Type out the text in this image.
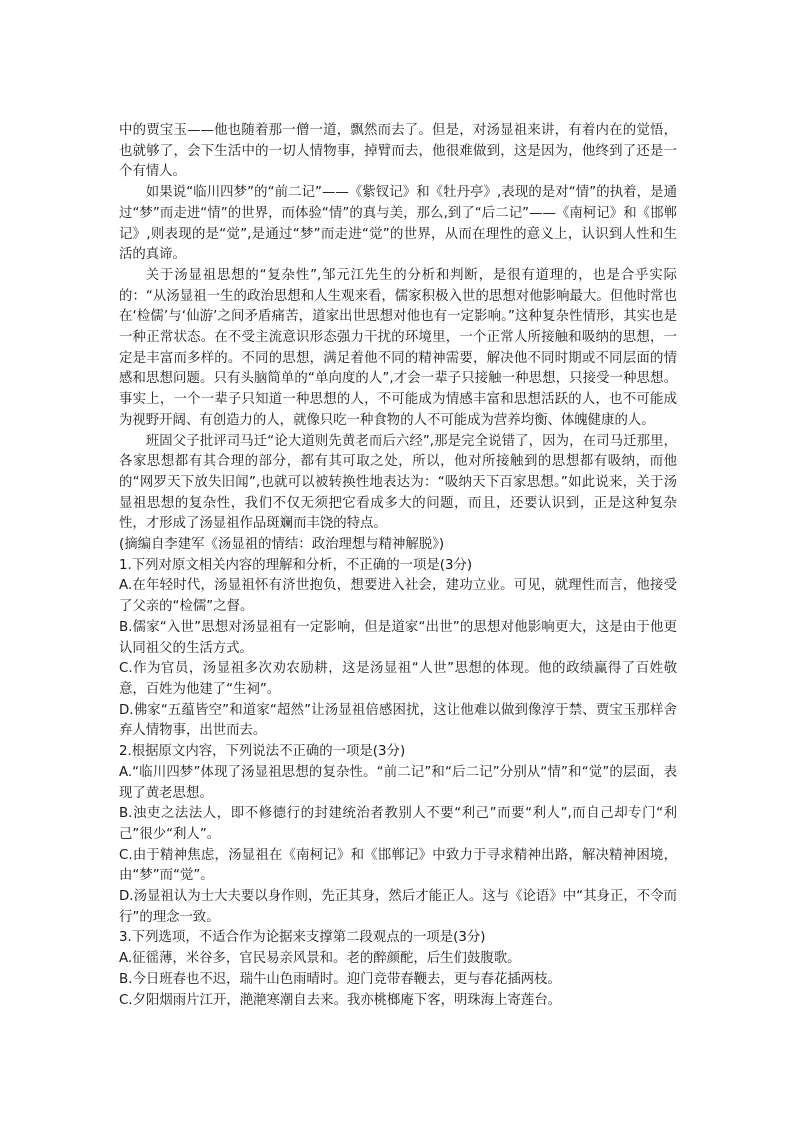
中的贾宝玉——他也随着那一僧一道，飘然而去了。但是，对汤显祖来讲，有着内在的觉悟，也就够了，会下生活中的一切人情物事，掉臂而去，他很难做到，这是因为，他终到了还是一个有情人。

如果说“临川四梦”的“前二记”——《紫钗记》和《牡丹亭》,表现的是对“情”的执着，是通过“梦”而走进“情”的世界，而体验“情”的真与美，那么,到了“后二记”——《南柯记》和《邯郸记》,则表现的是“觉”,是通过“梦”而走进“觉”的世界，从而在理性的意义上，认识到人性和生活的真谛。

关于汤显祖思想的“复杂性”,邹元江先生的分析和判断，是很有道理的，也是合乎实际的：“从汤显祖一生的政治思想和人生观来看，儒家积极入世的思想对他影响最大。但他时常也在‘检儒’与‘仙游’之间矛盾痛苦，道家出世思想对他也有一定影响。”这种复杂性情形，其实也是一种正常状态。在不受主流意识形态强力干扰的环境里，一个正常人所接触和吸纳的思想，一定是丰富而多样的。不同的思想，满足着他不同的精神需要，解决他不同时期或不同层面的情感和思想问题。只有头脑简单的“单向度的人”,才会一辈子只接触一种思想，只接受一种思想。事实上，一个一辈子只知道一种思想的人，不可能成为情感丰富和思想活跃的人，也不可能成为视野开阔、有创造力的人，就像只吃一种食物的人不可能成为营养均衡、体魄健康的人。

班固父子批评司马迁“论大道则先黄老而后六经”,那是完全说错了，因为，在司马迁那里，各家思想都有其合理的部分，都有其可取之处，所以，他对所接触到的思想都有吸纳，而他的“网罗天下放失旧闻”,也就可以被转换性地表达为：“吸纳天下百家思想。”如此说来，关于汤显祖思想的复杂性，我们不仅无须把它看成多大的问题，而且，还要认识到，正是这种复杂性，才形成了汤显祖作品斑斓而丰饶的特点。

(摘编自李建军《汤显祖的情结：政治理想与精神解脱》)

1.下列对原文相关内容的理解和分析，不正确的一项是(3分)

A.在年轻时代，汤显祖怀有济世抱负，想要进入社会，建功立业。可见，就理性而言，他接受了父亲的“检儒”之督。

B.儒家“入世”思想对汤显祖有一定影响，但是道家“出世”的思想对他影响更大，这是由于他更认同祖父的生活方式。

C.作为官员，汤显祖多次劝农励耕，这是汤显祖“人世”思想的体现。他的政绩赢得了百姓敬意，百姓为他建了“生祠”。

D.佛家“五蕴皆空”和道家“超然”让汤显祖倍感困扰，这让他难以做到像淳于禁、贾宝玉那样舍弃人情物事，出世而去。

2.根据原文内容，下列说法不正确的一项是(3分)

A.“临川四梦”体现了汤显祖思想的复杂性。“前二记”和“后二记”分别从“情”和“觉”的层面，表现了黄老思想。

B.浊吏之法法人，即不修德行的封建统治者教别人不要“利己”而要“利人”,而自己却专门“利己”很少“利人”。

C.由于精神焦虑，汤显祖在《南柯记》和《邯郸记》中致力于寻求精神出路，解决精神困境，由“梦”而“觉”。

D.汤显祖认为士大夫要以身作则，先正其身，然后才能正人。这与《论语》中“其身正，不令而行”的理念一致。

3.下列选项，不适合作为论据来支撑第二段观点的一项是(3分)

A.征徭薄，米谷多，官民易亲风景和。老的醉颜酡，后生们鼓腹歌。

B.今日班春也不迟，瑞牛山色雨晴时。迎门竞带春鞭去，更与春花插两枝。

C.夕阳烟雨片江开，滟滟寒潮自去来。我亦桃榔庵下客，明珠海上寄莲台。
